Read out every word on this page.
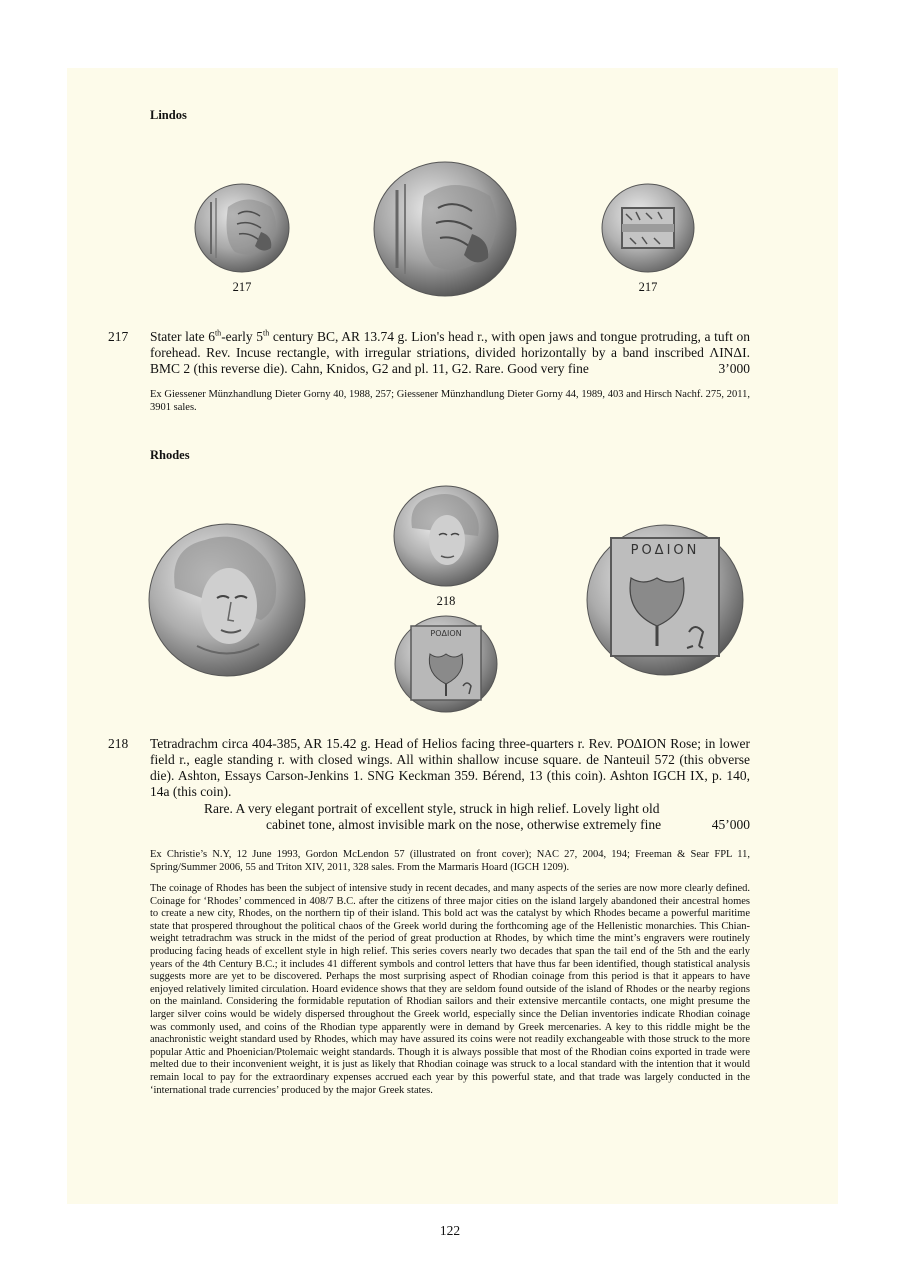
Lindos
217	217
217 Stater late 6th-early 5th century BC, AR 13.74 g. Lion's head r., with open jaws and tongue protruding, a tuft on forehead. Rev. Incuse rectangle, with irregular striations, divided horizontally by a band inscribed ΛΙΝΔΙ. BMC 2 (this reverse die). Cahn, Knidos, G2 and pl. 11, G2. Rare. Good very fine	3’000
Ex Giessener Münzhandlung Dieter Gorny 40, 1988, 257; Giessener Münzhandlung Dieter Gorny 44, 1989, 403 and Hirsch Nachf. 275, 2011, 3901 sales.
Rhodes
218
ΡΟΔΙΟΝ
ΡΟΔΙΟΝ
218 Tetradrachm circa 404-385, AR 15.42 g. Head of Helios facing three-quarters r. Rev. ΡΟΔΙΟΝ Rose; in lower field r., eagle standing r. with closed wings. All within shallow incuse square. de Nanteuil 572 (this obverse die). Ashton, Essays Carson-Jenkins 1. SNG Keckman 359. Bérend, 13 (this coin). Ashton IGCH IX, p. 140, 14a (this coin).
Rare. A very elegant portrait of excellent style, struck in high relief. Lovely light old
cabinet tone, almost invisible mark on the nose, otherwise extremely fine	45’000
Ex Christie’s N.Y, 12 June 1993, Gordon McLendon 57 (illustrated on front cover); NAC 27, 2004, 194; Freeman & Sear FPL 11, Spring/Summer 2006, 55 and Triton XIV, 2011, 328 sales. From the Marmaris Hoard (IGCH 1209).
The coinage of Rhodes has been the subject of intensive study in recent decades, and many aspects of the series are now more clearly defined. Coinage for ‘Rhodes’ commenced in 408/7 B.C. after the citizens of three major cities on the island largely abandoned their ancestral homes to create a new city, Rhodes, on the northern tip of their island. This bold act was the catalyst by which Rhodes became a powerful maritime state that prospered throughout the political chaos of the Greek world during the forthcoming age of the Hellenistic monarchies. This Chian-weight tetradrachm was struck in the midst of the period of great production at Rhodes, by which time the mint’s engravers were routinely producing facing heads of excellent style in high relief. This series covers nearly two decades that span the tail end of the 5th and the early years of the 4th Century B.C.; it includes 41 different symbols and control letters that have thus far been identified, though statistical analysis suggests more are yet to be discovered. Perhaps the most surprising aspect of Rhodian coinage from this period is that it appears to have enjoyed relatively limited circulation. Hoard evidence shows that they are seldom found outside of the island of Rhodes or the nearby regions on the mainland. Considering the formidable reputation of Rhodian sailors and their extensive mercantile contacts, one might presume the larger silver coins would be widely dispersed throughout the Greek world, especially since the Delian inventories indicate Rhodian coinage was commonly used, and coins of the Rhodian type apparently were in demand by Greek mercenaries. A key to this riddle might be the anachronistic weight standard used by Rhodes, which may have assured its coins were not readily exchangeable with those struck to the more popular Attic and Phoenician/Ptolemaic weight standards. Though it is always possible that most of the Rhodian coins exported in trade were melted due to their inconvenient weight, it is just as likely that Rhodian coinage was struck to a local standard with the intention that it would remain local to pay for the extraordinary expenses accrued each year by this powerful state, and that trade was largely conducted in the ‘international trade currencies’ produced by the major Greek states.
122
